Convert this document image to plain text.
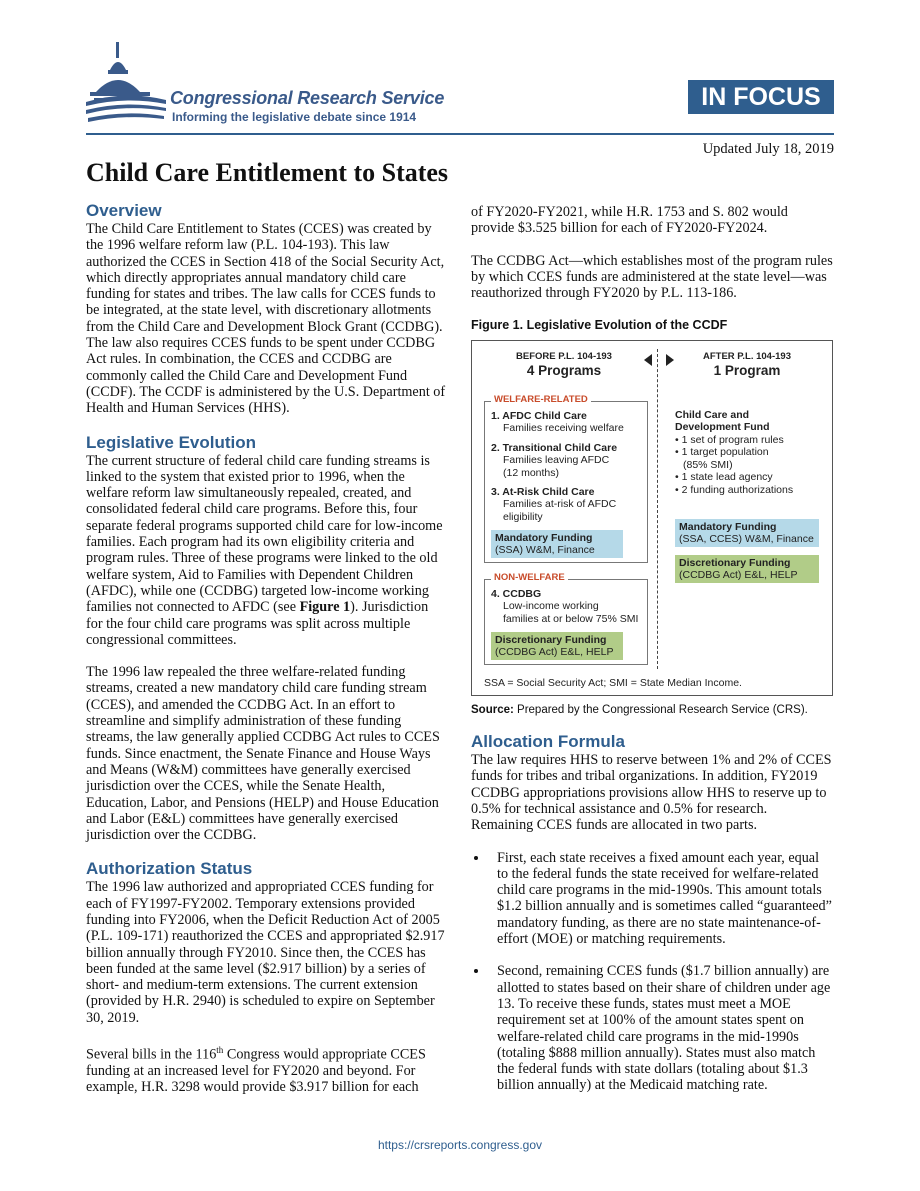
Congressional Research Service
Informing the legislative debate since 1914
IN FOCUS
Updated July 18, 2019
Child Care Entitlement to States
Overview

The Child Care Entitlement to States (CCES) was created by the 1996 welfare reform law (P.L. 104-193). This law authorized the CCES in Section 418 of the Social Security Act, which directly appropriates annual mandatory child care funding for states and tribes. The law calls for CCES funds to be integrated, at the state level, with discretionary allotments from the Child Care and Development Block Grant (CCDBG). The law also requires CCES funds to be spent under CCDBG Act rules. In combination, the CCES and CCDBG are commonly called the Child Care and Development Fund (CCDF). The CCDF is administered by the U.S. Department of Health and Human Services (HHS).

Legislative Evolution

The current structure of federal child care funding streams is linked to the system that existed prior to 1996, when the welfare reform law simultaneously repealed, created, and consolidated federal child care programs. Before this, four separate federal programs supported child care for low-income families. Each program had its own eligibility criteria and program rules. Three of these programs were linked to the old welfare system, Aid to Families with Dependent Children (AFDC), while one (CCDBG) targeted low-income working families not connected to AFDC (see Figure 1). Jurisdiction for the four child care programs was split across multiple congressional committees.

The 1996 law repealed the three welfare-related funding streams, created a new mandatory child care funding stream (CCES), and amended the CCDBG Act. In an effort to streamline and simplify administration of these funding streams, the law generally applied CCDBG Act rules to CCES funds. Since enactment, the Senate Finance and House Ways and Means (W&M) committees have generally exercised jurisdiction over the CCES, while the Senate Health, Education, Labor, and Pensions (HELP) and House Education and Labor (E&L) committees have generally exercised jurisdiction over the CCDBG.

Authorization Status

The 1996 law authorized and appropriated CCES funding for each of FY1997-FY2002. Temporary extensions provided funding into FY2006, when the Deficit Reduction Act of 2005 (P.L. 109-171) reauthorized the CCES and appropriated $2.917 billion annually through FY2010. Since then, the CCES has been funded at the same level ($2.917 billion) by a series of short- and medium-term extensions. The current extension (provided by H.R. 2940) is scheduled to expire on September 30, 2019.

Several bills in the 116th Congress would appropriate CCES funding at an increased level for FY2020 and beyond. For example, H.R. 3298 would provide $3.917 billion for each

of FY2020-FY2021, while H.R. 1753 and S. 802 would provide $3.525 billion for each of FY2020-FY2024.

The CCDBG Act—which establishes most of the program rules by which CCES funds are administered at the state level—was reauthorized through FY2020 by P.L. 113-186.

Figure 1. Legislative Evolution of the CCDF
BEFORE P.L. 104-193
4 Programs
AFTER P.L. 104-193
1 Program
WELFARE-RELATED
1. AFDC Child Care
Families receiving welfare
2. Transitional Child Care
Families leaving AFDC
(12 months)
3. At-Risk Child Care
Families at-risk of AFDC
eligibility
Mandatory Funding
(SSA) W&M, Finance
NON-WELFARE
4. CCDBG
Low-income working
families at or below 75% SMI
Discretionary Funding
(CCDBG Act) E&L, HELP
Child Care and
Development Fund
• 1 set of program rules
• 1 target population
(85% SMI)
• 1 state lead agency
• 2 funding authorizations
Mandatory Funding
(SSA, CCES) W&M, Finance
Discretionary Funding
(CCDBG Act) E&L, HELP
SSA = Social Security Act; SMI = State Median Income.
Source: Prepared by the Congressional Research Service (CRS).
Allocation Formula

The law requires HHS to reserve between 1% and 2% of CCES funds for tribes and tribal organizations. In addition, FY2019 CCDBG appropriations provisions allow HHS to reserve up to 0.5% for technical assistance and 0.5% for research. Remaining CCES funds are allocated in two parts.

• First, each state receives a fixed amount each year, equal to the federal funds the state received for welfare-related child care programs in the mid-1990s. This amount totals $1.2 billion annually and is sometimes called “guaranteed” mandatory funding, as there are no state maintenance-of-effort (MOE) or matching requirements.
• Second, remaining CCES funds ($1.7 billion annually) are allotted to states based on their share of children under age 13. To receive these funds, states must meet a MOE requirement set at 100% of the amount states spent on welfare-related child care programs in the mid-1990s (totaling $888 million annually). States must also match the federal funds with state dollars (totaling about $1.3 billion annually) at the Medicaid matching rate.
https://crsreports.congress.gov
